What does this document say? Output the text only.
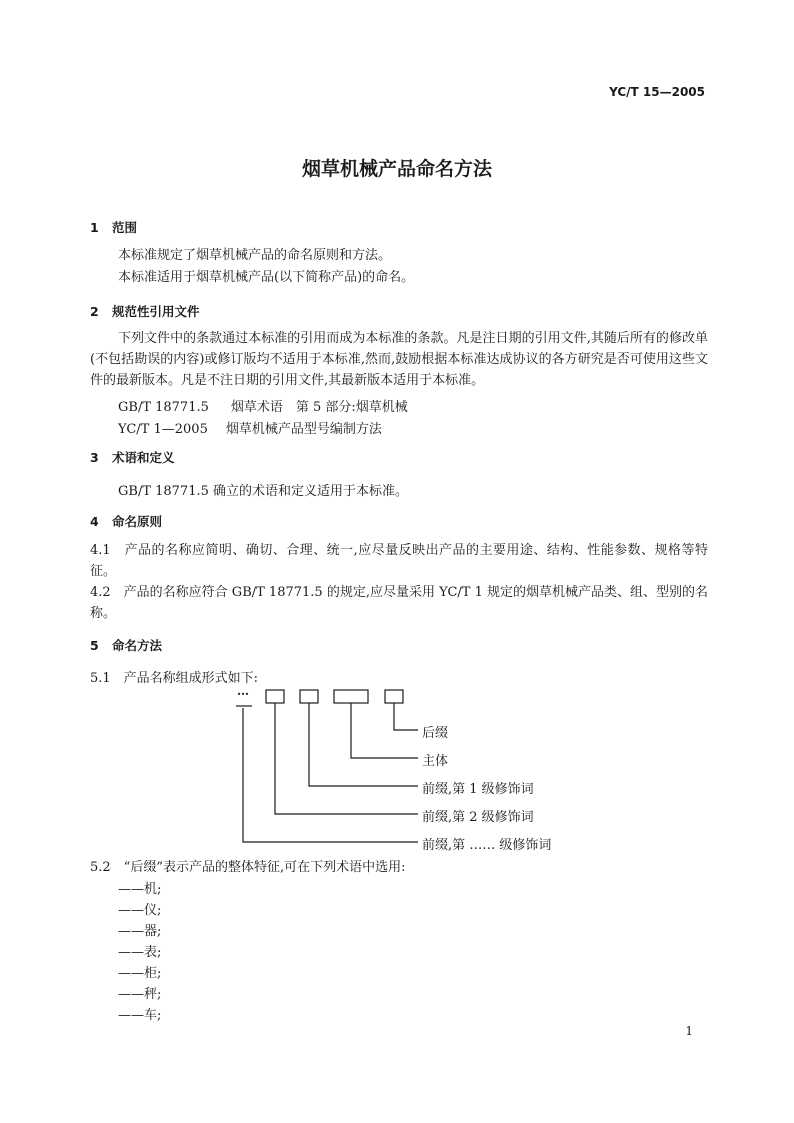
YC/T 15—2005
烟草机械产品命名方法
1 范围
本标准规定了烟草机械产品的命名原则和方法。
本标准适用于烟草机械产品(以下简称产品)的命名。
2 规范性引用文件
下列文件中的条款通过本标准的引用而成为本标准的条款。凡是注日期的引用文件,其随后所有的修改单(不包括勘误的内容)或修订版均不适用于本标准,然而,鼓励根据本标准达成协议的各方研究是否可使用这些文件的最新版本。凡是不注日期的引用文件,其最新版本适用于本标准。
GB/T 18771.5 烟草术语　第 5 部分:烟草机械
YC/T 1—2005 烟草机械产品型号编制方法
3 术语和定义
GB/T 18771.5 确立的术语和定义适用于本标准。
4 命名原则
4.1　产品的名称应简明、确切、合理、统一,应尽量反映出产品的主要用途、结构、性能参数、规格等特征。
4.2　产品的名称应符合 GB/T 18771.5 的规定,应尽量采用 YC/T 1 规定的烟草机械产品类、组、型别的名称。
5 命名方法
5.1　产品名称组成形式如下:
…
后缀
主体
前缀,第 1 级修饰词
前缀,第 2 级修饰词
前缀,第 …… 级修饰词
5.2　“后缀”表示产品的整体特征,可在下列术语中选用:
——机;
——仪;
——器;
——表;
——柜;
——秤;
——车;
1
